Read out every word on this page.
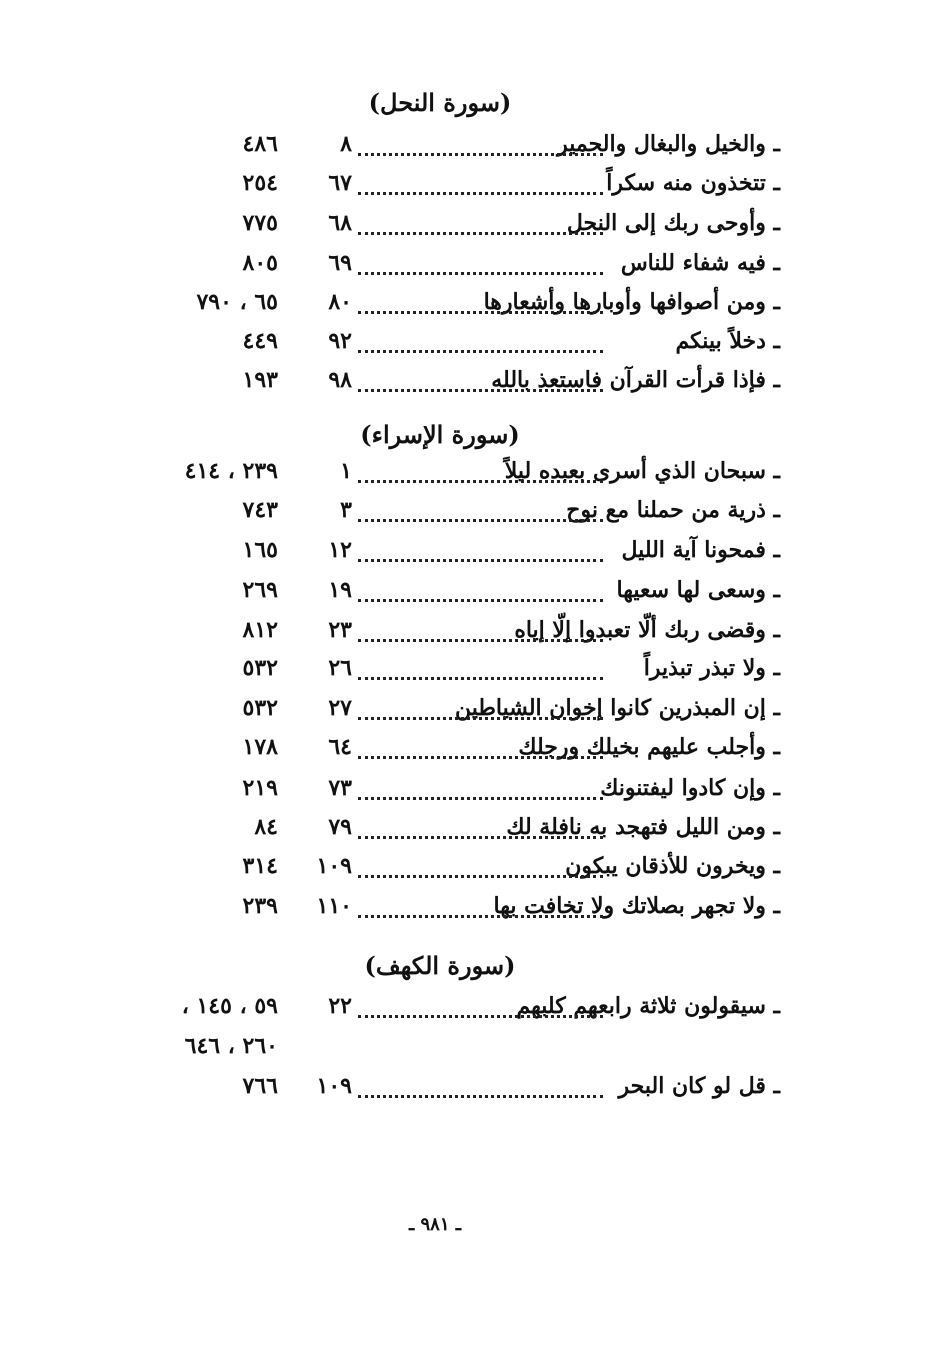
(سورة النحل)
ـ والخيل والبغال والحمير
٨
٤٨٦
ـ تتخذون منه سكراً
٦٧
٢٥٤
ـ وأوحى ربك إلى النحل
٦٨
٧٧٥
ـ فيه شفاء للناس
٦٩
٨٠٥
ـ ومن أصوافها وأوبارها وأشعارها
٨٠
٦٥ ، ٧٩٠
ـ دخلاً بينكم
٩٢
٤٤٩
ـ فإذا قرأت القرآن فاستعذ بالله
٩٨
١٩٣
(سورة الإسراء)
ـ سبحان الذي أسرى بعبده ليلاً
١
٢٣٩ ، ٤١٤
ـ ذرية من حملنا مع نوح
٣
٧٤٣
ـ فمحونا آية الليل
١٢
١٦٥
ـ وسعى لها سعيها
١٩
٢٦٩
ـ وقضى ربك ألّا تعبدوا إلّا إياه
٢٣
٨١٢
ـ ولا تبذر تبذيراً
٢٦
٥٣٢
ـ إن المبذرين كانوا إخوان الشياطين
٢٧
٥٣٢
ـ وأجلب عليهم بخيلك ورجلك
٦٤
١٧٨
ـ وإن كادوا ليفتنونك
٧٣
٢١٩
ـ ومن الليل فتهجد به نافلة لك
٧٩
٨٤
ـ ويخرون للأذقان يبكون
١٠٩
٣١٤
ـ ولا تجهر بصلاتك ولا تخافت بها
١١٠
٢٣٩
(سورة الكهف)
ـ سيقولون ثلاثة رابعهم كلبهم
٢٢
٥٩ ، ١٤٥ ،
٢٦٠ ، ٦٤٦
ـ قل لو كان البحر
١٠٩
٧٦٦
ـ ٩٨١ ـ
